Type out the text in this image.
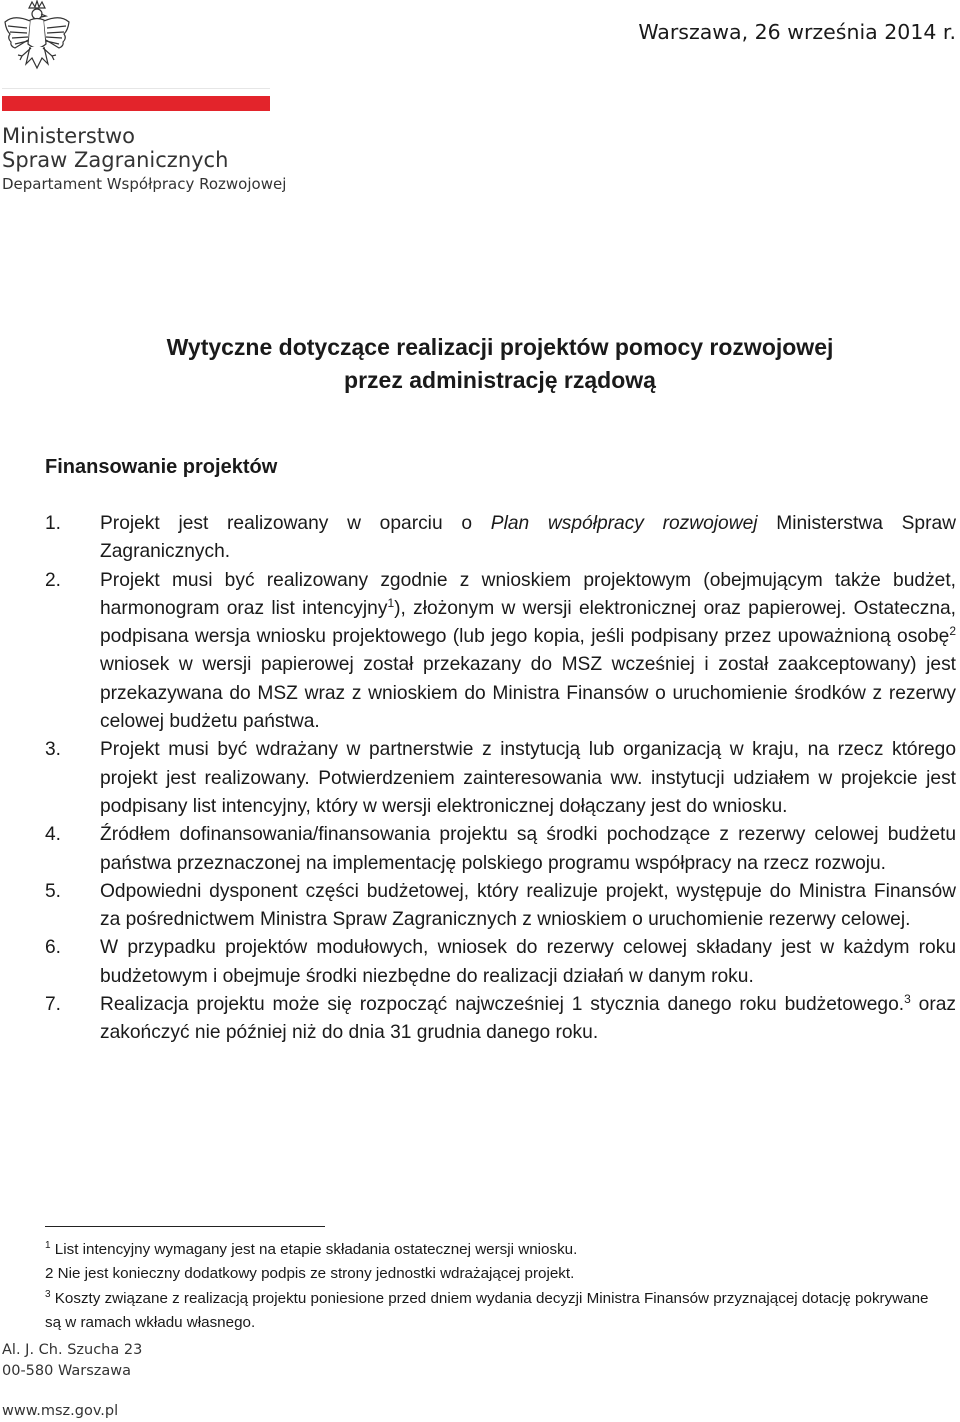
Ministerstwo
Spraw Zagranicznych
Departament Współpracy Rozwojowej
Warszawa, 26 września 2014 r.
Wytyczne dotyczące realizacji projektów pomocy rozwojowej
przez administrację rządową
Finansowanie projektów
1. Projekt jest realizowany w oparciu o Plan współpracy rozwojowej Ministerstwa Spraw Zagranicznych.
2. Projekt musi być realizowany zgodnie z wnioskiem projektowym (obejmującym także budżet, harmonogram oraz list intencyjny$^1$), złożonym w wersji elektronicznej oraz papierowej. Ostateczna, podpisana wersja wniosku projektowego (lub jego kopia, jeśli podpisany przez upoważnioną osobę$^2$ wniosek w wersji papierowej został przekazany do MSZ wcześniej i został zaakceptowany) jest przekazywana do MSZ wraz z wnioskiem do Ministra Finansów o uruchomienie środków z rezerwy celowej budżetu państwa.
3. Projekt musi być wdrażany w partnerstwie z instytucją lub organizacją w kraju, na rzecz którego projekt jest realizowany. Potwierdzeniem zainteresowania ww. instytucji udziałem w projekcie jest podpisany list intencyjny, który w wersji elektronicznej dołączany jest do wniosku.
4. Źródłem dofinansowania/finansowania projektu są środki pochodzące z rezerwy celowej budżetu państwa przeznaczonej na implementację polskiego programu współpracy na rzecz rozwoju.
5. Odpowiedni dysponent części budżetowej, który realizuje projekt, występuje do Ministra Finansów za pośrednictwem Ministra Spraw Zagranicznych z wnioskiem o uruchomienie rezerwy celowej.
6. W przypadku projektów modułowych, wniosek do rezerwy celowej składany jest w każdym roku budżetowym i obejmuje środki niezbędne do realizacji działań w danym roku.
7. Realizacja projektu może się rozpocząć najwcześniej 1 stycznia danego roku budżetowego.$^3$ oraz zakończyć nie później niż do dnia 31 grudnia danego roku.
$^1$ List intencyjny wymagany jest na etapie składania ostatecznej wersji wniosku.
2 Nie jest konieczny dodatkowy podpis ze strony jednostki wdrażającej projekt.
$^3$ Koszty związane z realizacją projektu poniesione przed dniem wydania decyzji Ministra Finansów przyznającej dotację pokrywane są w ramach wkładu własnego.
Al. J. Ch. Szucha 23
00-580 Warszawa
www.msz.gov.pl
